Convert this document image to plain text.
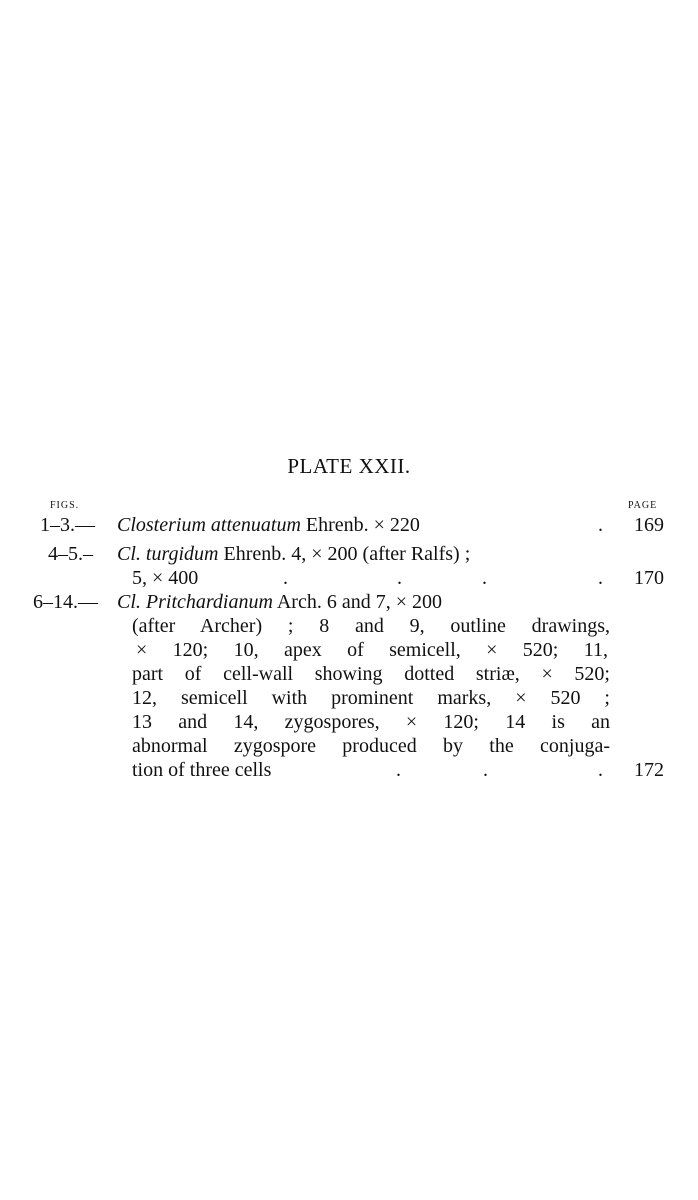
PLATE XXII.
FIGS.	PAGE
1–3.— Closterium attenuatum Ehrenb. × 220	. 169
4–5.– Cl. turgidum Ehrenb. 4, × 200 (after Ralfs) ;
5, × 400	.	.	.	. 170
6–14.— Cl. Pritchardianum Arch. 6 and 7, × 200
(after Archer) ; 8 and 9, outline drawings,
× 120; 10, apex of semicell, × 520; 11,
part of cell-wall showing dotted striæ, × 520;
12, semicell with prominent marks, × 520 ;
13 and 14, zygospores, × 120; 14 is an
abnormal zygospore produced by the conjuga-
tion of three cells	.	.	. 172
